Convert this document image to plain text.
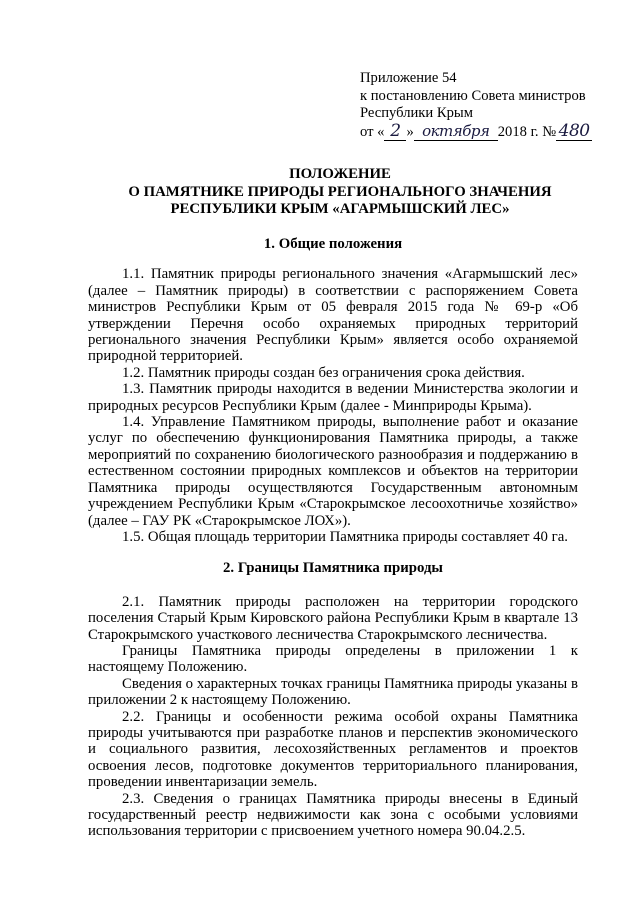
Приложение 54
к постановлению Совета министров
Республики Крым
от « 2 » октября 2018 г. № 480
ПОЛОЖЕНИЕ
О ПАМЯТНИКЕ ПРИРОДЫ РЕГИОНАЛЬНОГО ЗНАЧЕНИЯ
РЕСПУБЛИКИ КРЫМ «АГАРМЫШСКИЙ ЛЕС»
1. Общие положения

1.1. Памятник природы регионального значения «Агармышский лес» (далее – Памятник природы) в соответствии с распоряжением Совета министров Республики Крым от 05 февраля 2015 года № 69-р «Об утверждении Перечня особо охраняемых природных территорий регионального значения Республики Крым» является особо охраняемой природной территорией.

1.2. Памятник природы создан без ограничения срока действия.

1.3. Памятник природы находится в ведении Министерства экологии и природных ресурсов Республики Крым (далее - Минприроды Крыма).

1.4. Управление Памятником природы, выполнение работ и оказание услуг по обеспечению функционирования Памятника природы, а также мероприятий по сохранению биологического разнообразия и поддержанию в естественном состоянии природных комплексов и объектов на территории Памятника природы осуществляются Государственным автономным учреждением Республики Крым «Старокрымское лесоохотничье хозяйство» (далее – ГАУ РК «Старокрымское ЛОХ»).

1.5. Общая площадь территории Памятника природы составляет 40 га.

2. Границы Памятника природы

2.1. Памятник природы расположен на территории городского поселения Старый Крым Кировского района Республики Крым в квартале 13 Старокрымского участкового лесничества Старокрымского лесничества.

Границы Памятника природы определены в приложении 1 к настоящему Положению.

Сведения о характерных точках границы Памятника природы указаны в приложении 2 к настоящему Положению.

2.2. Границы и особенности режима особой охраны Памятника природы учитываются при разработке планов и перспектив экономического и социального развития, лесохозяйственных регламентов и проектов освоения лесов, подготовке документов территориального планирования, проведении инвентаризации земель.

2.3. Сведения о границах Памятника природы внесены в Единый государственный реестр недвижимости как зона с особыми условиями использования территории с присвоением учетного номера 90.04.2.5.
